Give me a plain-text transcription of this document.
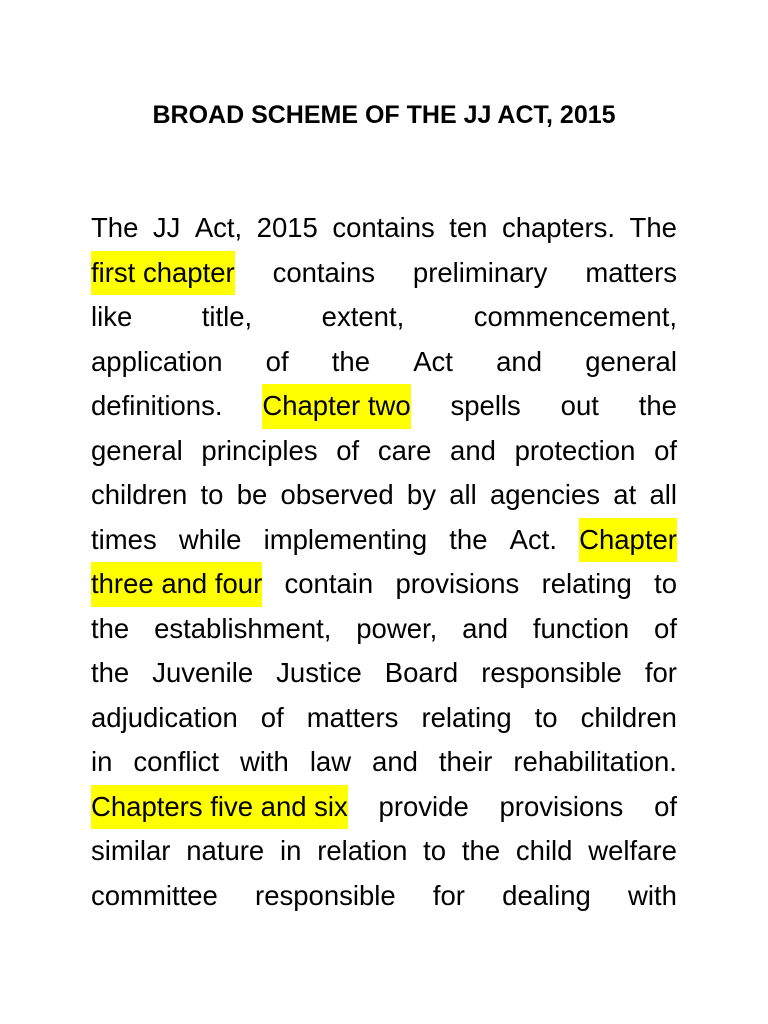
BROAD SCHEME OF THE JJ ACT, 2015
The JJ Act, 2015 contains ten chapters. The
first chapter contains preliminary matters
like	title,	extent,	commencement,
application of the Act and general
definitions. Chapter two spells out the
general principles of care and protection of
children to be observed by all agencies at all
times while implementing the Act. Chapter
three and four contain provisions relating to
the establishment, power, and function of
the Juvenile Justice Board responsible for
adjudication of matters relating to children
in conflict with law and their rehabilitation.
Chapters five and six provide provisions of
similar nature in relation to the child welfare
committee responsible for dealing with
